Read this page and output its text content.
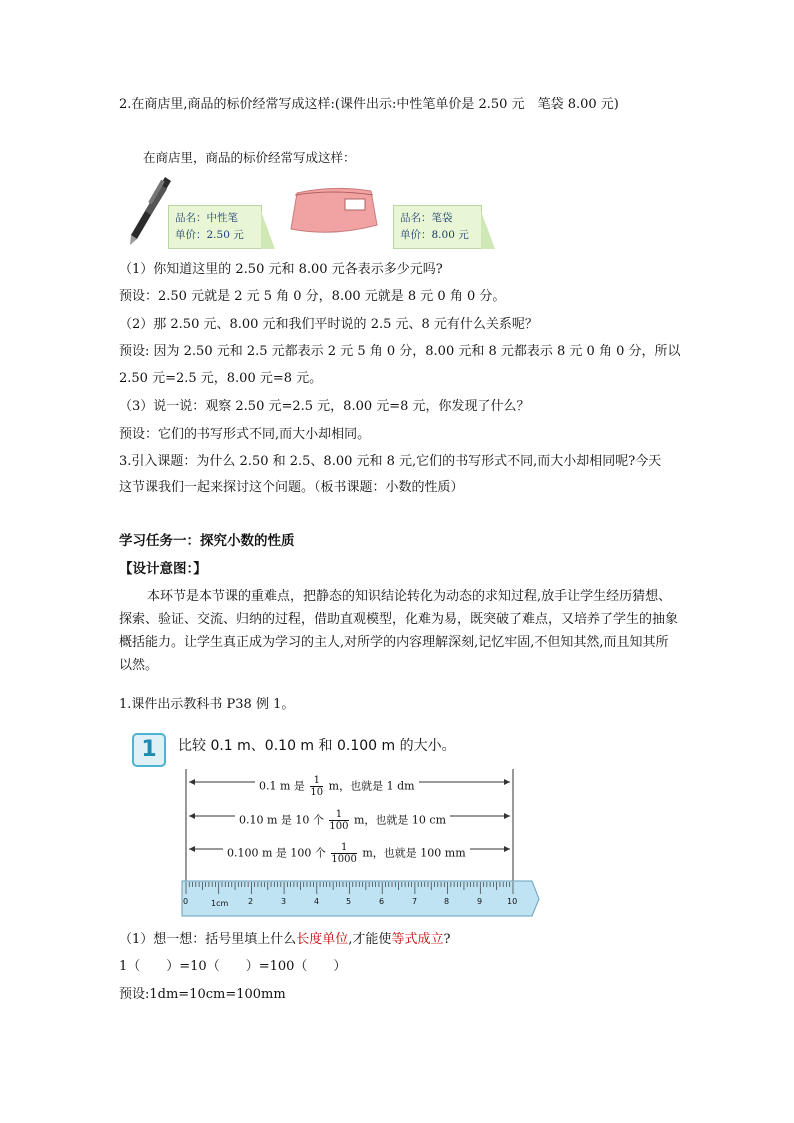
2.在商店里,商品的标价经常写成这样:(课件出示:中性笔单价是 2.50 元　笔袋 8.00 元)
在商店里，商品的标价经常写成这样：
品名：中性笔
单价：2.50 元
品名：笔袋
单价：8.00 元
（1）你知道这里的 2.50 元和 8.00 元各表示多少元吗?
预设：2.50 元就是 2 元 5 角 0 分，8.00 元就是 8 元 0 角 0 分。
（2）那 2.50 元、8.00 元和我们平时说的 2.5 元、8 元有什么关系呢？
预设: 因为 2.50 元和 2.5 元都表示 2 元 5 角 0 分，8.00 元和 8 元都表示 8 元 0 角 0 分，所以
2.50 元=2.5 元，8.00 元=8 元。
（3）说一说：观察 2.50 元=2.5 元，8.00 元=8 元，你发现了什么？
预设：它们的书写形式不同,而大小却相同。
3.引入课题：为什么 2.50 和 2.5、8.00 元和 8 元,它们的书写形式不同,而大小却相同呢?今天
这节课我们一起来探讨这个问题。（板书课题：小数的性质）
学习任务一：探究小数的性质
【设计意图：】
本环节是本节课的重难点，把静态的知识结论转化为动态的求知过程,放手让学生经历猜想、探索、验证、交流、归纳的过程，借助直观模型，化难为易，既突破了难点，又培养了学生的抽象概括能力。让学生真正成为学习的主人,对所学的内容理解深刻,记忆牢固,不但知其然,而且知其所以然。
1.课件出示教科书 P38 例 1。
1	比较 0.1 m、0.10 m 和 0.100 m 的大小。
0.1 m 是 $\frac{1}{10}$ m，也就是 1 dm
0.10 m 是 10 个 $\frac{1}{100}$ m，也就是 10 cm
0.100 m 是 100 个 $\frac{1}{1000}$ m，也就是 100 mm
0	1cm 2	3	4	5	6	7	8	9	10
（1）想一想：括号里填上什么长度单位,才能使等式成立?
1（　　）=10（　　）=100（　　）
预设:1dm=10cm=100mm
